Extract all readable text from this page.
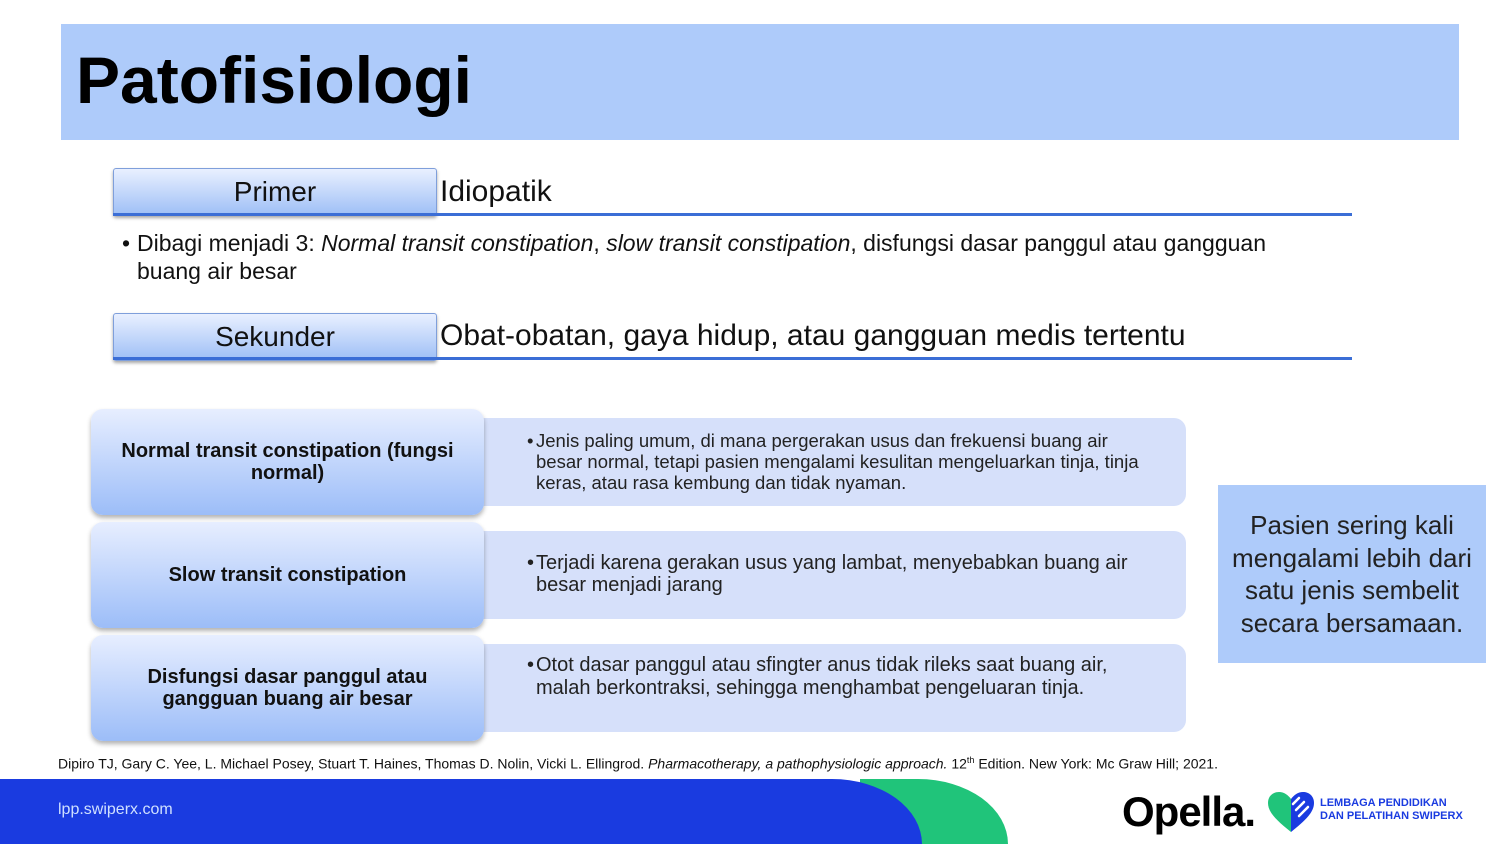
Patofisiologi
Primer	Idiopatik
• Dibagi menjadi 3: Normal transit constipation, slow transit constipation, disfungsi dasar panggul atau gangguan buang air besar
Sekunder	Obat-obatan, gaya hidup, atau gangguan medis tertentu
Normal transit constipation (fungsi normal)
• Jenis paling umum, di mana pergerakan usus dan frekuensi buang air besar normal, tetapi pasien mengalami kesulitan mengeluarkan tinja, tinja keras, atau rasa kembung dan tidak nyaman.
Slow transit constipation
• Terjadi karena gerakan usus yang lambat, menyebabkan buang air besar menjadi jarang
Disfungsi dasar panggul atau gangguan buang air besar
• Otot dasar panggul atau sfingter anus tidak rileks saat buang air, malah berkontraksi, sehingga menghambat pengeluaran tinja.
Pasien sering kali mengalami lebih dari satu jenis sembelit secara bersamaan.
Dipiro TJ, Gary C. Yee, L. Michael Posey, Stuart T. Haines, Thomas D. Nolin, Vicki L. Ellingrod. Pharmacotherapy, a pathophysiologic approach. 12th Edition. New York: Mc Graw Hill; 2021.
lpp.swiperx.com	Opella.	LEMBAGA PENDIDIKAN
DAN PELATIHAN SWIPERX
